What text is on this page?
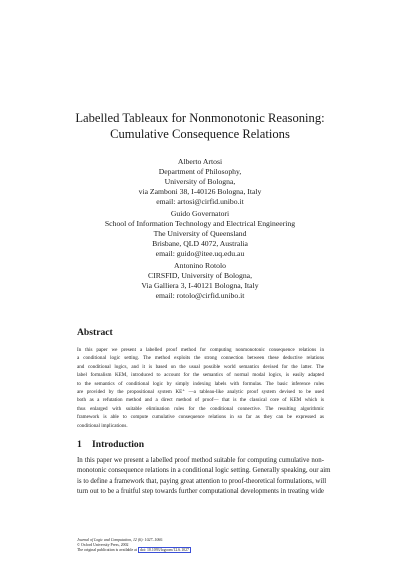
Labelled Tableaux for Nonmonotonic Reasoning:
Cumulative Consequence Relations

Alberto Artosi

Department of Philosophy,

University of Bologna,

via Zamboni 38, I-40126 Bologna, Italy

email: artosi@cirfid.unibo.it

Guido Governatori

School of Information Technology and Electrical Engineering

The University of Queensland

Brisbane, QLD 4072, Australia

email: guido@itee.uq.edu.au

Antonino Rotolo

CIRSFID, University of Bologna,

Via Galliera 3, I-40121 Bologna, Italy

email: rotolo@cirfid.unibo.it

Abstract
In this paper we present a labelled proof method for computing nonmonotonic consequence relations in
a conditional logic setting. The method exploits the strong connection between these deductive relations
and conditional logics, and it is based on the usual possible world semantics devised for the latter. The
label formalism KEM, introduced to account for the semantics of normal modal logics, is easily adapted
to the semantics of conditional logic by simply indexing labels with formulas. The basic inference rules
are provided by the propositional system KE⁺ —a tableau-like analytic proof system devised to be used
both as a refutation method and a direct method of proof— that is the classical core of KEM which is
thus enlarged with suitable elimination rules for the conditional connective. The resulting algorithmic
framework is able to compute cumulative consequence relations in so far as they can be expressed as
conditional implications.
1 Introduction
In this paper we present a labelled proof method suitable for computing cumulative non-
monotonic consequence relations in a conditional logic setting. Generally speaking, our aim
is to define a framework that, paying great attention to proof-theoretical formulations, will
turn out to be a fruitful step towards further computational developments in treating wide

Journal of Logic and Computation, 12 (6): 1027–1060.

© Oxford University Press, 2002

The original publication is available at doi: 10.1093/logcom/12.6.1027
